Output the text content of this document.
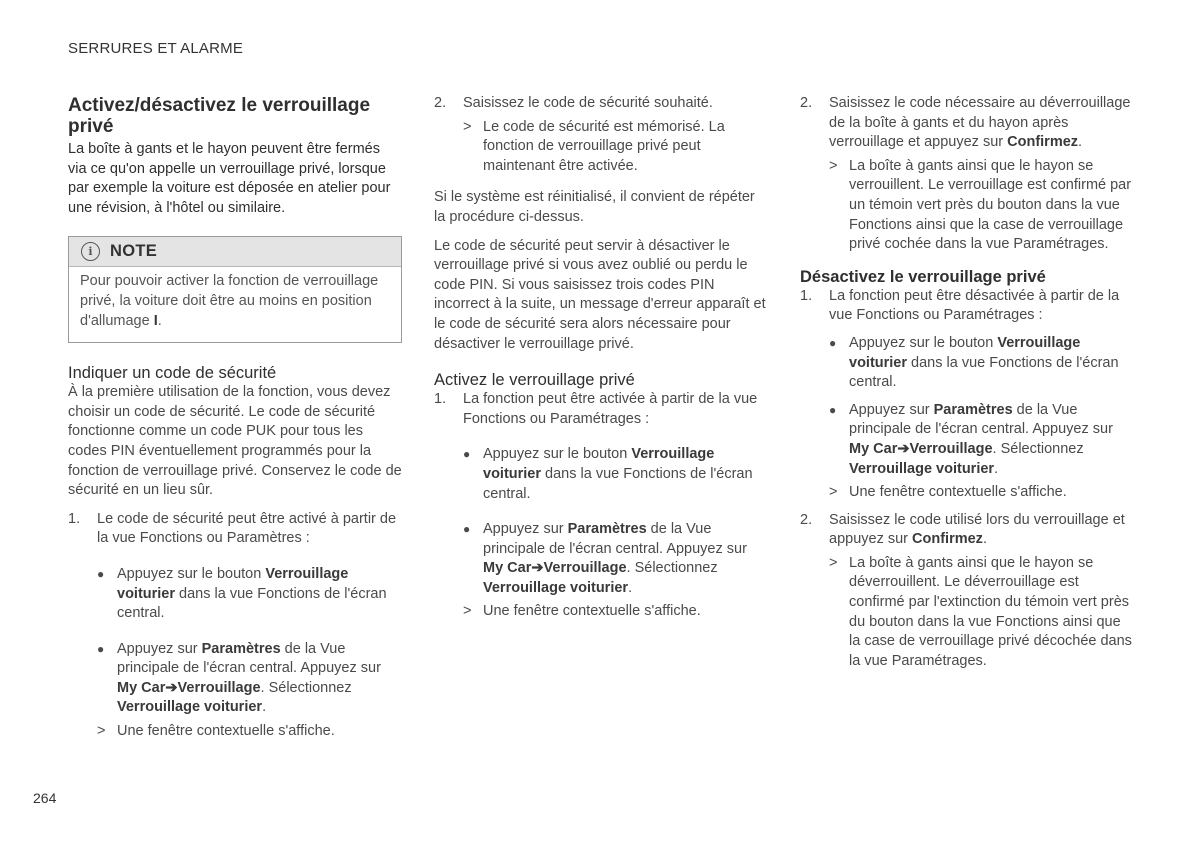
SERRURES ET ALARME
Activez/désactivez le verrouillage privé

La boîte à gants et le hayon peuvent être fermés via ce qu'on appelle un verrouillage privé, lorsque par exemple la voiture est déposée en atelier pour une révision, à l'hôtel ou similaire.

i	NOTE
Pour pouvoir activer la fonction de verrouillage privé, la voiture doit être au moins en position d'allumage I.
Indiquer un code de sécurité

À la première utilisation de la fonction, vous devez choisir un code de sécurité. Le code de sécurité fonctionne comme un code PUK pour tous les codes PIN éventuellement programmés pour la fonction de verrouillage privé. Conservez le code de sécurité en un lieu sûr.

1.	Le code de sécurité peut être activé à partir de la vue Fonctions ou Paramètres :
● Appuyez sur le bouton Verrouillage voiturier dans la vue Fonctions de l'écran central.
● Appuyez sur Paramètres de la Vue principale de l'écran central. Appuyez sur My Car➔Verrouillage. Sélectionnez Verrouillage voiturier.
> Une fenêtre contextuelle s'affiche.
2.	Saisissez le code de sécurité souhaité.
> Le code de sécurité est mémorisé. La fonction de verrouillage privé peut maintenant être activée.

Si le système est réinitialisé, il convient de répéter la procédure ci-dessus.

Le code de sécurité peut servir à désactiver le verrouillage privé si vous avez oublié ou perdu le code PIN. Si vous saisissez trois codes PIN incorrect à la suite, un message d'erreur apparaît et le code de sécurité sera alors nécessaire pour désactiver le verrouillage privé.

Activez le verrouillage privé
1.	La fonction peut être activée à partir de la vue Fonctions ou Paramétrages :
● Appuyez sur le bouton Verrouillage voiturier dans la vue Fonctions de l'écran central.
● Appuyez sur Paramètres de la Vue principale de l'écran central. Appuyez sur My Car➔Verrouillage. Sélectionnez Verrouillage voiturier.
> Une fenêtre contextuelle s'affiche.
2.	Saisissez le code nécessaire au déverrouillage de la boîte à gants et du hayon après verrouillage et appuyez sur Confirmez.
> La boîte à gants ainsi que le hayon se verrouillent. Le verrouillage est confirmé par un témoin vert près du bouton dans la vue Fonctions ainsi que la case de verrouillage privé cochée dans la vue Paramétrages.
Désactivez le verrouillage privé
1.	La fonction peut être désactivée à partir de la vue Fonctions ou Paramétrages :
● Appuyez sur le bouton Verrouillage voiturier dans la vue Fonctions de l'écran central.
● Appuyez sur Paramètres de la Vue principale de l'écran central. Appuyez sur My Car➔Verrouillage. Sélectionnez Verrouillage voiturier.
> Une fenêtre contextuelle s'affiche.
2.	Saisissez le code utilisé lors du verrouillage et appuyez sur Confirmez.
> La boîte à gants ainsi que le hayon se déverrouillent. Le déverrouillage est confirmé par l'extinction du témoin vert près du bouton dans la vue Fonctions ainsi que la case de verrouillage privé décochée dans la vue Paramétrages.
264
